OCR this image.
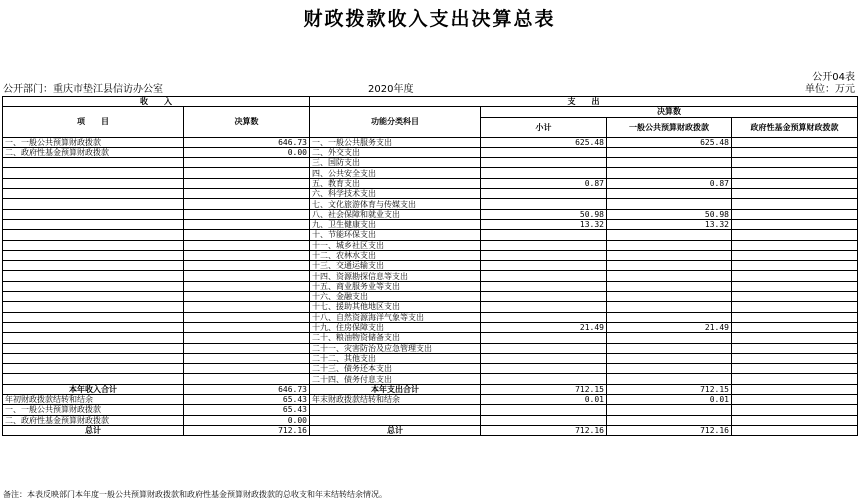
财政拨款收入支出决算总表
公开04表
公开部门：重庆市垫江县信访办公室	2020年度	单位：万元
收　　入		支　　出			
项　　目	决算数	功能分类科目	决算数		
			小计	一般公共预算财政拨款	政府性基金预算财政拨款
一、一般公共预算财政拨款	646.73	一、一般公共服务支出	625.48	625.48	
二、政府性基金预算财政拨款	0.00	二、外交支出			
		三、国防支出			
		四、公共安全支出			
		五、教育支出	0.87	0.87	
		六、科学技术支出			
		七、文化旅游体育与传媒支出			
		八、社会保障和就业支出	50.98	50.98	
		九、卫生健康支出	13.32	13.32	
		十、节能环保支出			
		十一、城乡社区支出			
		十二、农林水支出			
		十三、交通运输支出			
		十四、资源勘探信息等支出			
		十五、商业服务业等支出			
		十六、金融支出			
		十七、援助其他地区支出			
		十八、自然资源海洋气象等支出			
		十九、住房保障支出	21.49	21.49	
		二十、粮油物资储备支出			
		二十一、灾害防治及应急管理支出			
		二十二、其他支出			
		二十三、债务还本支出			
		二十四、债务付息支出			
本年收入合计	646.73	本年支出合计	712.15	712.15	
年初财政拨款结转和结余	65.43	年末财政拨款结转和结余	0.01	0.01	
一、一般公共预算财政拨款	65.43				
二、政府性基金预算财政拨款	0.00				
总计	712.16	总计	712.16	712.16	
备注：本表反映部门本年度一般公共预算财政拨款和政府性基金预算财政拨款的总收支和年末结转结余情况。
